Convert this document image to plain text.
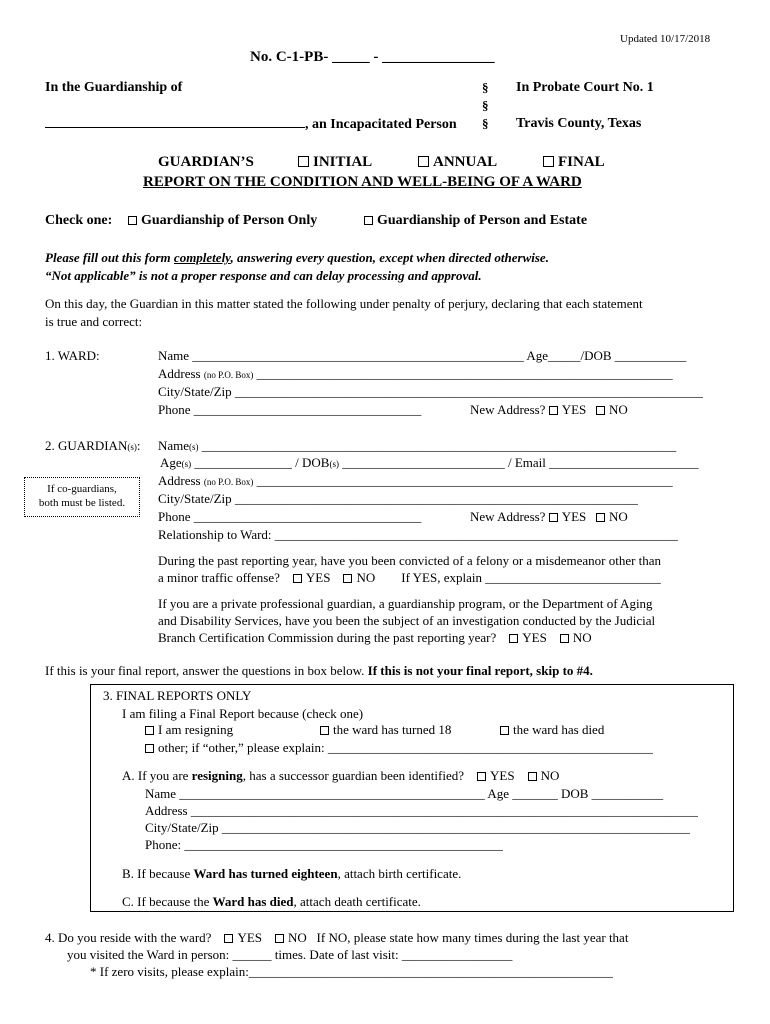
Updated 10/17/2018
No. C-1-PB- _____ - _______________
In the Guardianship of	§
§
§
In Probate Court No. 1
, an Incapacitated Person	Travis County, Texas
GUARDIAN’S	INITIAL	ANNUAL	FINAL
REPORT ON THE CONDITION AND WELL-BEING OF A WARD
Check one:	Guardianship of Person Only	Guardianship of Person and Estate
Please fill out this form completely, answering every question, except when directed otherwise.
“Not applicable” is not a proper response and can delay processing and approval.
On this day, the Guardian in this matter stated the following under penalty of perjury, declaring that each statement
is true and correct:
1. WARD:	Name ___________________________________________________ Age_____/DOB ___________
Address (no P.O. Box) ________________________________________________________________
City/State/Zip ________________________________________________________________________
Phone ___________________________________	New Address? YES NO
2. GUARDIAN(s): Name(s) _________________________________________________________________________
Age(s) _______________ / DOB(s) _________________________ / Email _______________________
Address (no P.O. Box) ________________________________________________________________
City/State/Zip ______________________________________________________________
Phone ___________________________________	New Address? YES NO
Relationship to Ward: ______________________________________________________________
If co-guardians,
both must be listed.
During the past reporting year, have you been convicted of a felony or a misdemeanor other than
a minor traffic offense? YES NO If YES, explain ___________________________
If you are a private professional guardian, a guardianship program, or the Department of Aging
and Disability Services, have you been the subject of an investigation conducted by the Judicial
Branch Certification Commission during the past reporting year? YES NO
If this is your final report, answer the questions in box below. If this is not your final report, skip to #4.
3. FINAL REPORTS ONLY
I am filing a Final Report because (check one)
I am resigning	the ward has turned 18	the ward has died
other; if “other,” please explain: __________________________________________________
A. If you are resigning, has a successor guardian been identified? YES NO
Name _______________________________________________ Age _______ DOB ___________
Address ______________________________________________________________________________
City/State/Zip ________________________________________________________________________
Phone: _________________________________________________
B. If because Ward has turned eighteen, attach birth certificate.
C. If because the Ward has died, attach death certificate.
4. Do you reside with the ward? YES NO If NO, please state how many times during the last year that
you visited the Ward in person: ______ times. Date of last visit: _________________
* If zero visits, please explain:________________________________________________________
